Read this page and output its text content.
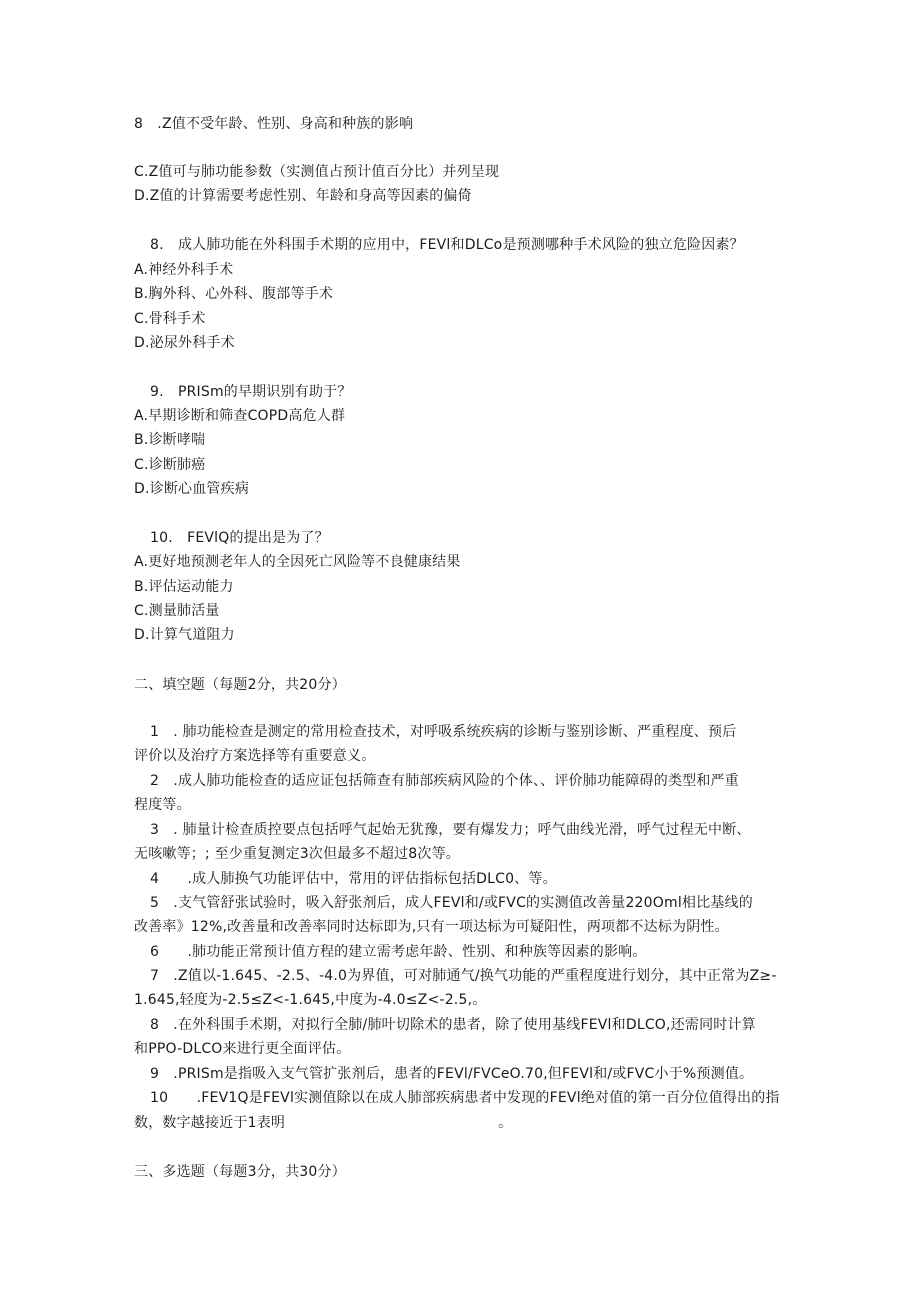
8　.Z值不受年龄、性别、身高和种族的影响
C.Z值可与肺功能参数（实测值占预计值百分比）并列呈现
D.Z值的计算需要考虑性别、年龄和身高等因素的偏倚
8.　成人肺功能在外科围手术期的应用中，FEVl和DLCo是预测哪种手术风险的独立危险因素？
A.神经外科手术
B.胸外科、心外科、腹部等手术
C.骨科手术
D.泌尿外科手术
9.　PRISm的早期识别有助于？
A.早期诊断和筛查COPD高危人群
B.诊断哮喘
C.诊断肺癌
D.诊断心血管疾病
10.　FEVlQ的提出是为了？
A.更好地预测老年人的全因死亡风险等不良健康结果
B.评估运动能力
C.测量肺活量
D.计算气道阻力
二、填空题（每题2分，共20分）
1　. 肺功能检查是测定的常用检查技术，对呼吸系统疾病的诊断与鉴别诊断、严重程度、预后
评价以及治疗方案选择等有重要意义。
2　.成人肺功能检查的适应证包括筛查有肺部疾病风险的个体、、评价肺功能障碍的类型和严重
程度等。
3　. 肺量计检查质控要点包括呼气起始无犹豫，要有爆发力；呼气曲线光滑，呼气过程无中断、
无咳嗽等；; 至少重复测定3次但最多不超过8次等。
4　　.成人肺换气功能评估中，常用的评估指标包括DLC0、等。
5　.支气管舒张试验时，吸入舒张剂后，成人FEVl和/或FVC的实测值改善量220Oml相比基线的
改善率》12%,改善量和改善率同时达标即为,只有一项达标为可疑阳性，两项都不达标为阴性。
6　　.肺功能正常预计值方程的建立需考虑年龄、性别、和种族等因素的影响。
7　.Z值以-1.645、-2.5、-4.0为界值，可对肺通气/换气功能的严重程度进行划分，其中正常为Z≥-
1.645,轻度为-2.5≤Z<-1.645,中度为-4.0≤Z<-2.5,。
8　.在外科围手术期，对拟行全肺/肺叶切除术的患者，除了使用基线FEVl和DLCO,还需同时计算
和PPO-DLCO来进行更全面评估。
9　.PRISm是指吸入支气管扩张剂后，患者的FEVl/FVCeO.70,但FEVl和/或FVC小于%预测值。
10　　.FEV1Q是FEVl实测值除以在成人肺部疾病患者中发现的FEVl绝对值的第一百分位值得出的指
数，数字越接近于1表明　　　　　　　　　　　　　　　。
三、多选题（每题3分，共30分）
